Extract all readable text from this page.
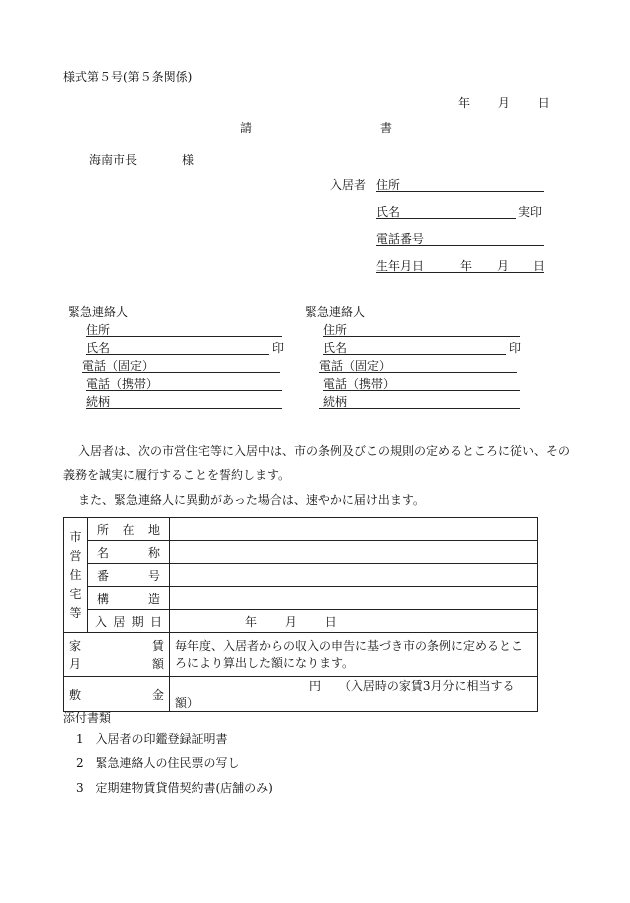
様式第５号(第５条関係)
年 月 日
請	書
海南市長	様
入居者 住所
氏名	実印
電話番号
生年月日	年 月 日
緊急連絡人
住所
氏名	印
電話（固定）
電話（携帯）
続柄
緊急連絡人
住所
氏名	印
電話（固定）
電話（携帯）
続柄
入居者は、次の市営住宅等に入居中は、市の条例及びこの規則の定めるところに従い、その
義務を誠実に履行することを誓約します。
また、緊急連絡人に異動があった場合は、速やかに届け出ます。
市
営
住
宅
等	所 在 地	

	名 称	

	番 号	

	構 造	

	入 居 期 日	年 月 日

家 賃
月 額		毎年度、入居者からの収入の申告に基づき市の条例に定めるところにより算出した額になります。

敷 金		円 （入居時の家賃3月分に相当する額）
添付書類
1 入居者の印鑑登録証明書
2 緊急連絡人の住民票の写し
3 定期建物賃貸借契約書(店舗のみ)
